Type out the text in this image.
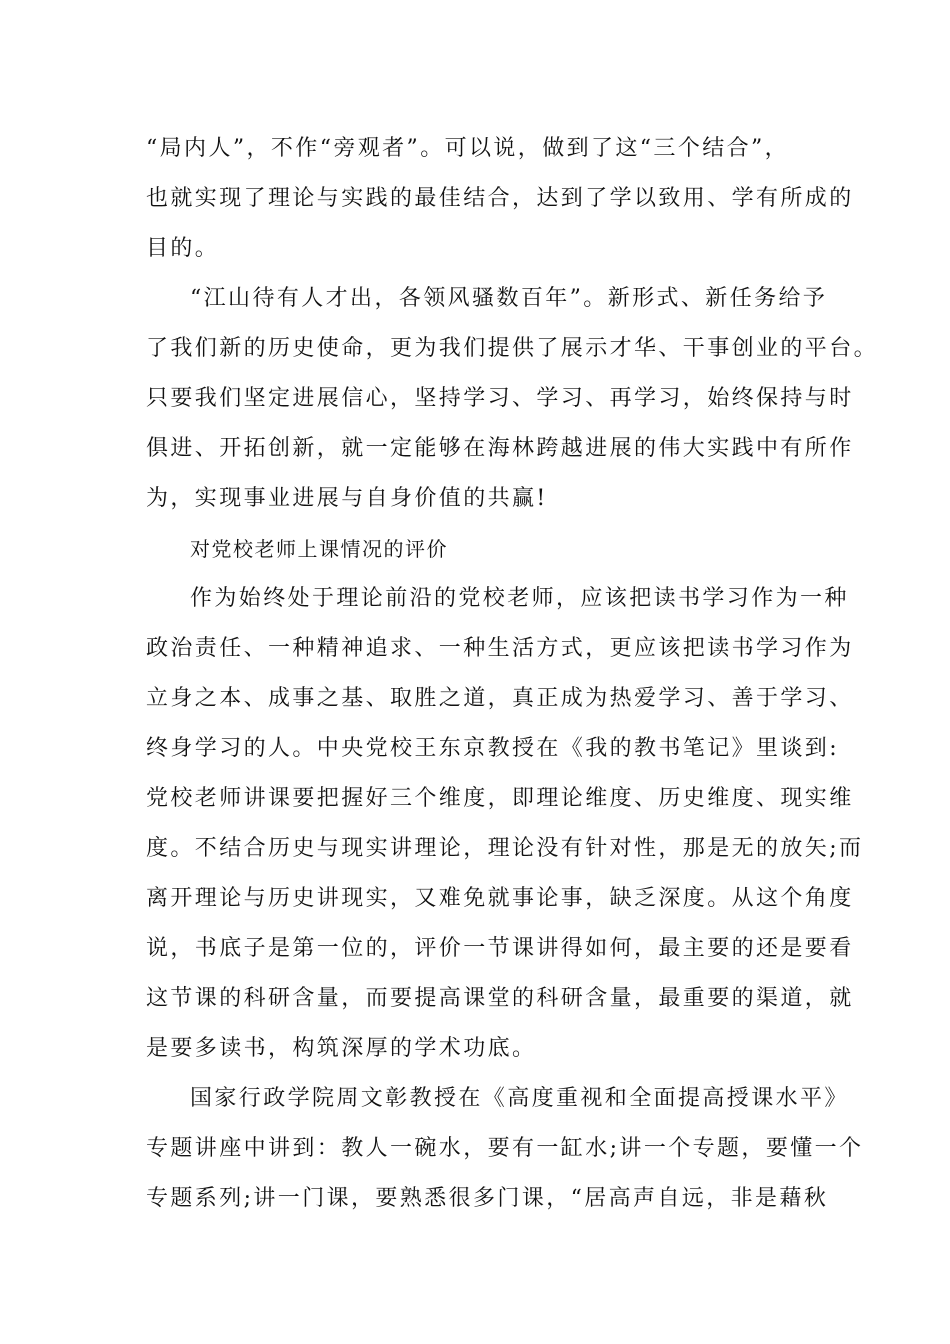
“局内人”，不作“旁观者”。可以说，做到了这“三个结合”，
也就实现了理论与实践的最佳结合，达到了学以致用、学有所成的
目的。
“江山待有人才出，各领风骚数百年”。新形式、新任务给予
了我们新的历史使命，更为我们提供了展示才华、干事创业的平台。
只要我们坚定进展信心，坚持学习、学习、再学习，始终保持与时
俱进、开拓创新，就一定能够在海林跨越进展的伟大实践中有所作
为，实现事业进展与自身价值的共赢!
对党校老师上课情况的评价
作为始终处于理论前沿的党校老师，应该把读书学习作为一种
政治责任、一种精神追求、一种生活方式，更应该把读书学习作为
立身之本、成事之基、取胜之道，真正成为热爱学习、善于学习、
终身学习的人。中央党校王东京教授在《我的教书笔记》里谈到:
党校老师讲课要把握好三个维度，即理论维度、历史维度、现实维
度。不结合历史与现实讲理论，理论没有针对性，那是无的放矢;而
离开理论与历史讲现实，又难免就事论事，缺乏深度。从这个角度
说，书底子是第一位的，评价一节课讲得如何，最主要的还是要看
这节课的科研含量，而要提高课堂的科研含量，最重要的渠道，就
是要多读书，构筑深厚的学术功底。
国家行政学院周文彰教授在《高度重视和全面提高授课水平》
专题讲座中讲到：教人一碗水，要有一缸水;讲一个专题，要懂一个
专题系列;讲一门课，要熟悉很多门课，“居高声自远，非是藉秋
